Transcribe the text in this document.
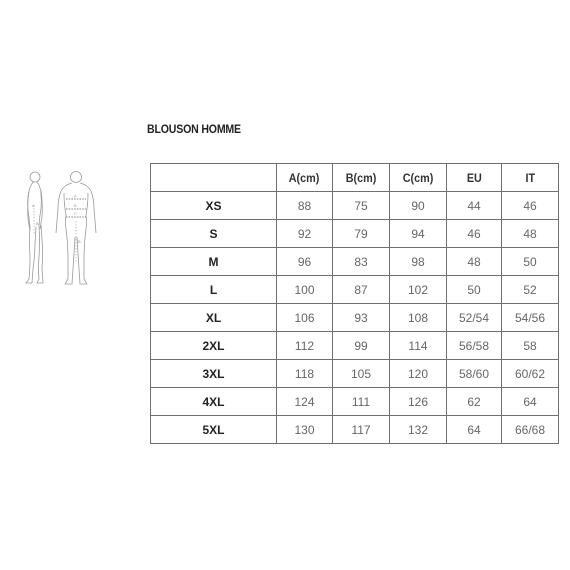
A
B
A
B
C
B
BLOUSON HOMME
	A(cm)	B(cm)	C(cm)	EU	IT
XS	88	75	90	44	46
S	92	79	94	46	48
M	96	83	98	48	50
L	100	87	102	50	52
XL	106	93	108	52/54	54/56
2XL	112	99	114	56/58	58
3XL	118	105	120	58/60	60/62
4XL	124	111	126	62	64
5XL	130	117	132	64	66/68
